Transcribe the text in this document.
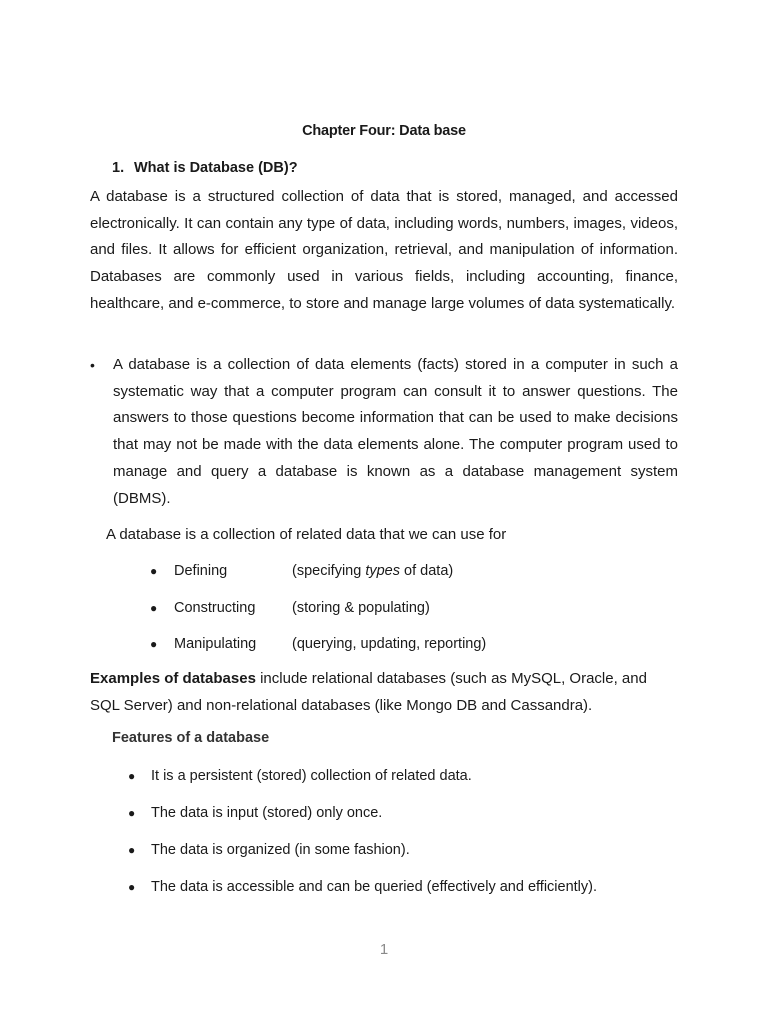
Chapter Four: Data base
1. What is Database (DB)?
A database is a structured collection of data that is stored, managed, and accessed electronically. It can contain any type of data, including words, numbers, images, videos, and files. It allows for efficient organization, retrieval, and manipulation of information. Databases are commonly used in various fields, including accounting, finance, healthcare, and e-commerce, to store and manage large volumes of data systematically.
•	A database is a collection of data elements (facts) stored in a computer in such a systematic way that a computer program can consult it to answer questions. The answers to those questions become information that can be used to make decisions that may not be made with the data elements alone. The computer program used to manage and query a database is known as a database management system (DBMS).
A database is a collection of related data that we can use for
● Defining	(specifying types of data)
● Constructing	(storing & populating)
● Manipulating (querying, updating, reporting)
Examples of databases include relational databases (such as MySQL, Oracle, and SQL Server) and non-relational databases (like Mongo DB and Cassandra).
Features of a database
● It is a persistent (stored) collection of related data.
● The data is input (stored) only once.
● The data is organized (in some fashion).
● The data is accessible and can be queried (effectively and efficiently).
1
